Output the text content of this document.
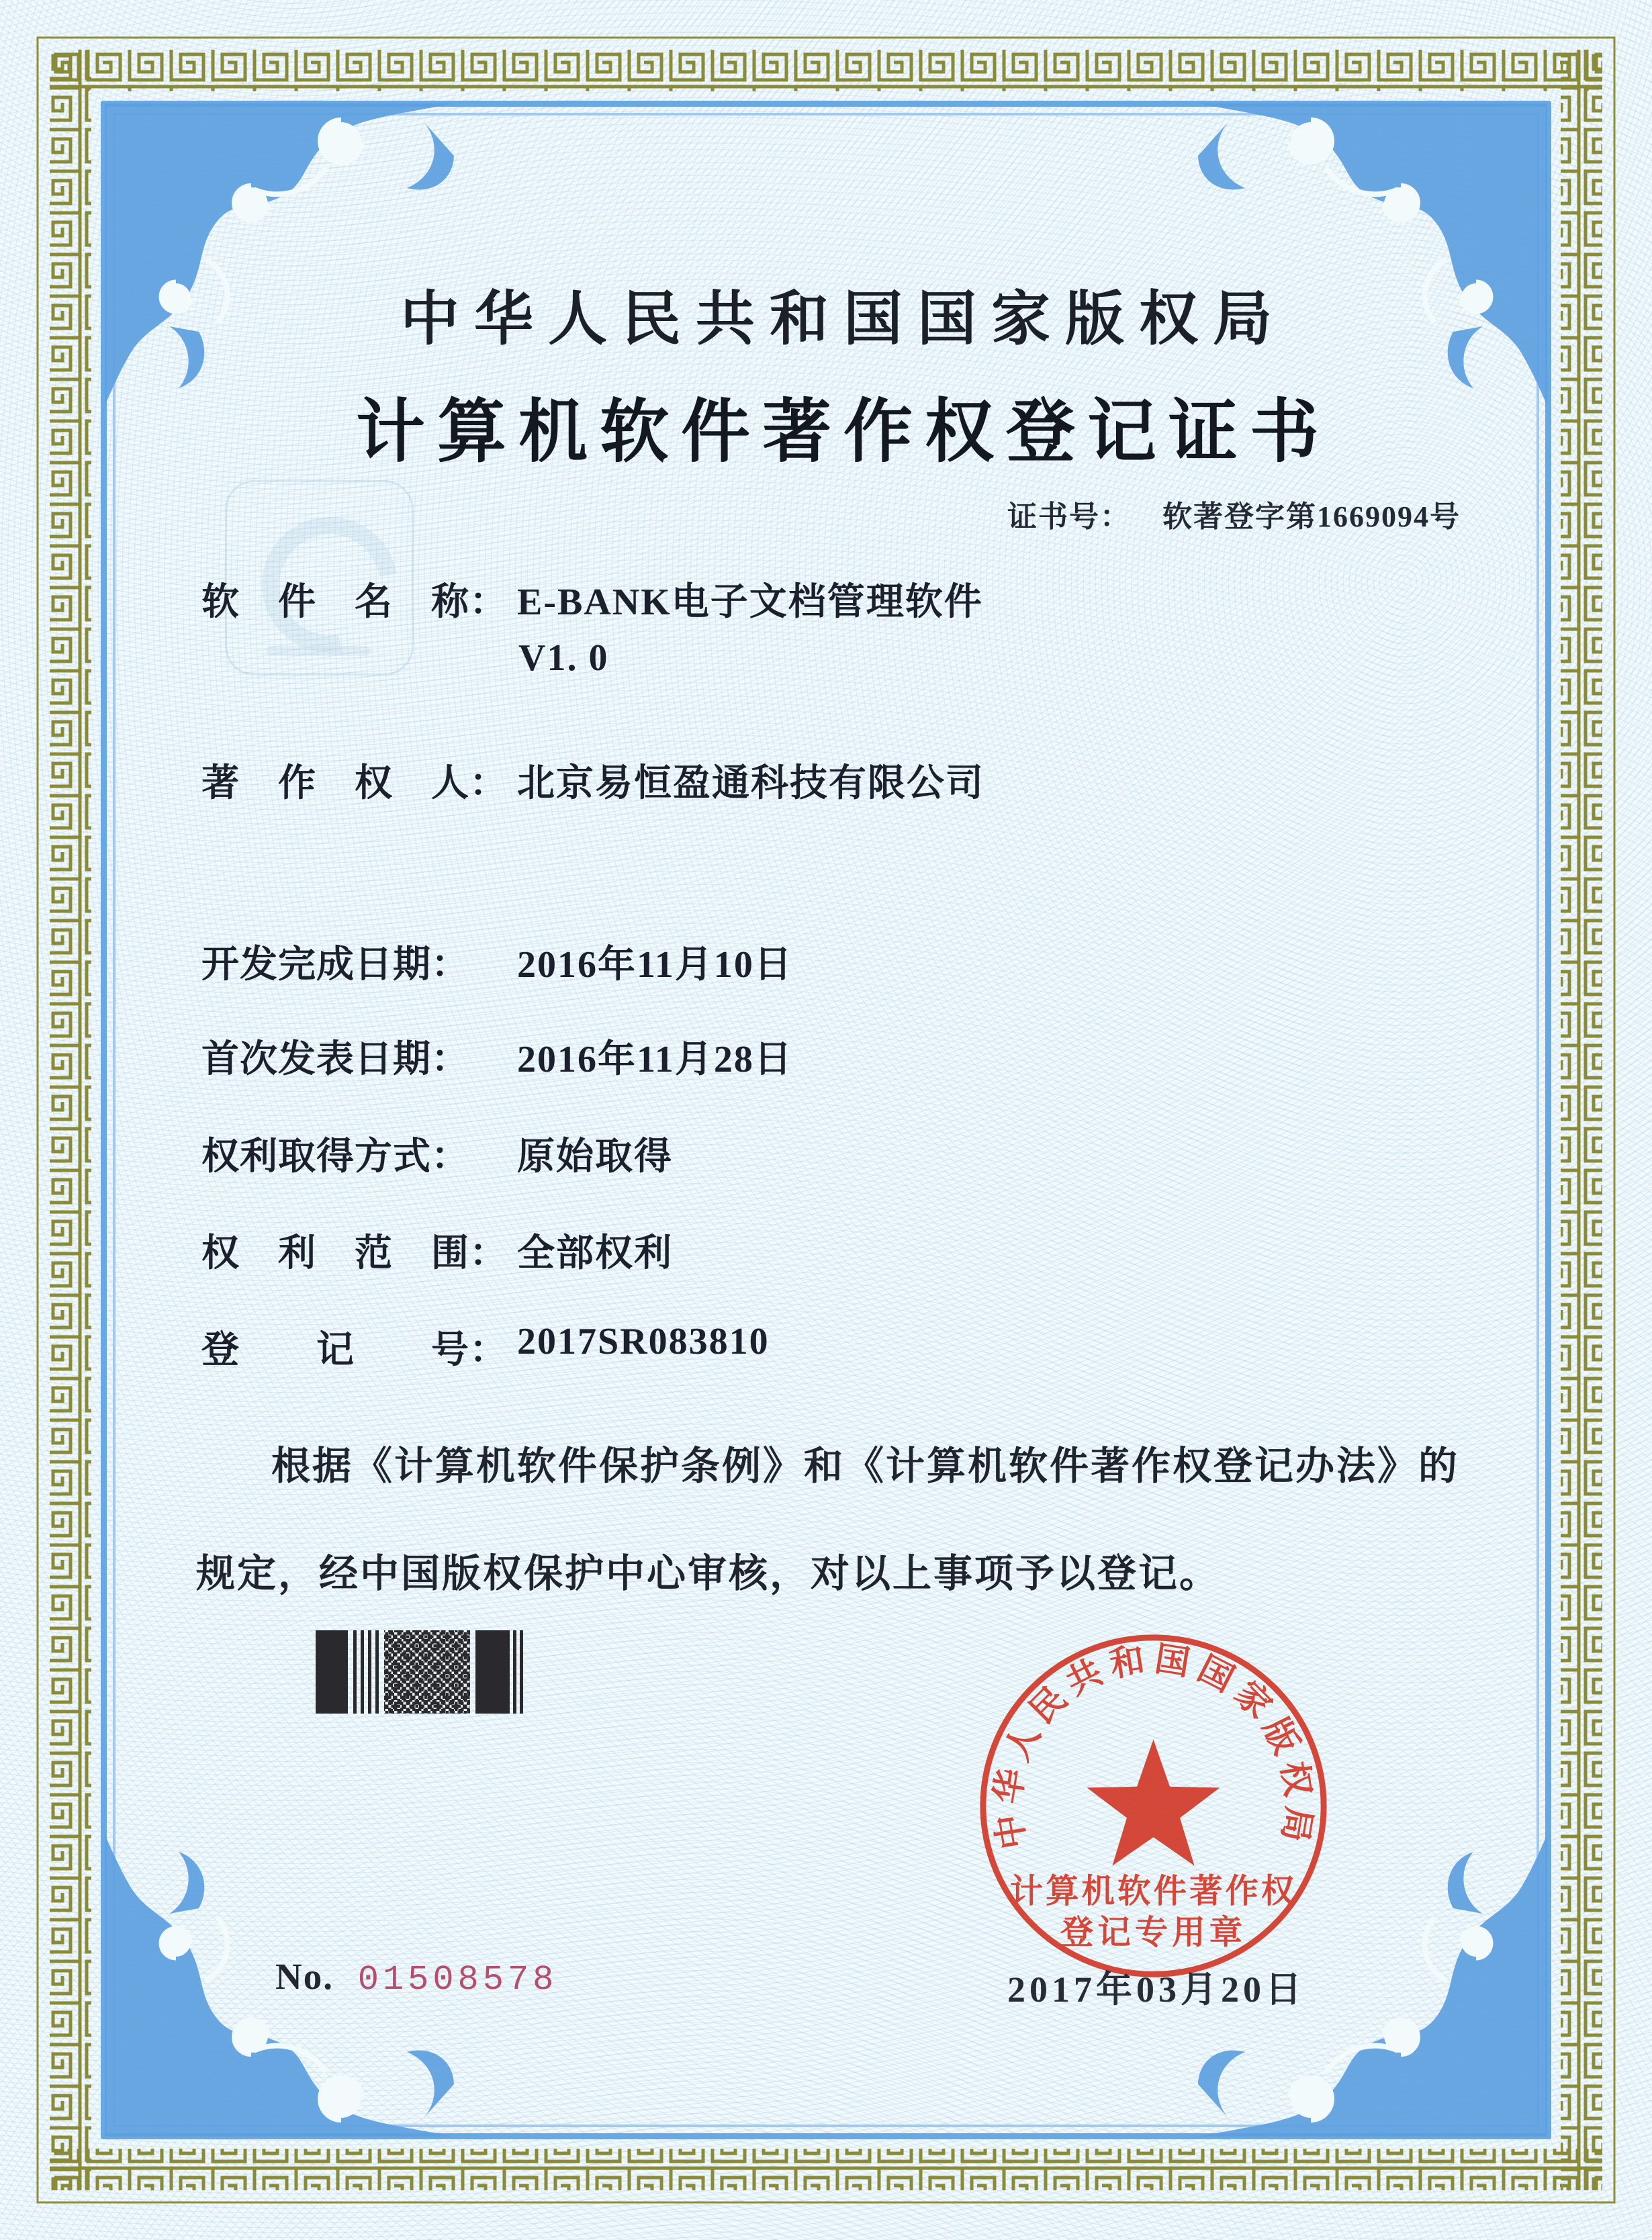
中华人民共和国国家版权局
计算机软件著作权登记证书
证书号： 软著登字第1669094号
软　件　名　称： E-BANK电子文档管理软件
V1. 0
著　作　权　人： 北京易恒盈通科技有限公司
开发完成日期：	2016年11月10日
首次发表日期：	2016年11月28日
权利取得方式：	原始取得
权　利　范　围： 全部权利
登　　记　　号： 2017SR083810
根据《计算机软件保护条例》和《计算机软件著作权登记办法》的
规定，经中国版权保护中心审核，对以上事项予以登记。
中华人民共和国国家版权局
计算机软件著作权
登记专用章
2017年03月20日
No. 01508578
